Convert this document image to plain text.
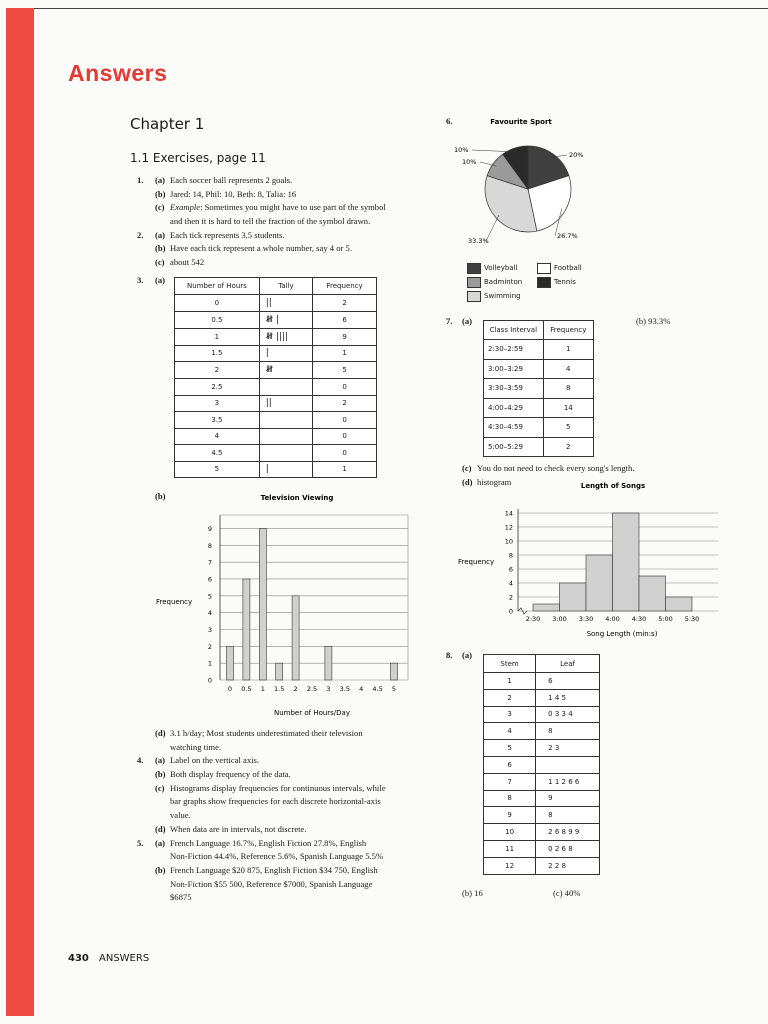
Answers
Chapter 1
1.1 Exercises, page 11
1. (a) Each soccer ball represents 2 goals.
(b) Jared: 14, Phil: 10, Beth: 8, Talia: 16
(c) Example: Sometimes you might have to use part of the symbol
and then it is hard to tell the fraction of the symbol drawn.
2. (a) Each tick represents 3.5 students.
(b) Have each tick represent a whole number, say 4 or 5.
(c) about 542
3. (a)
Number of Hours	Tally	Frequency
0	||	2
0.5	𝍸 |	6
1	𝍸 ||||	9
1.5	|	1
2	𝍸	5
2.5		0
3	||	2
3.5		0
4		0
4.5		0
5	|	1
(b)	Television Viewing
0
1
2
3
4
5
6
7
8
9
0 0.5 1 1.5 2 2.5 3 3.5 4 4.5 5
Frequency
Number of Hours/Day
(d) 3.1 h/day; Most students underestimated their television
watching time.
4. (a) Label on the vertical axis.
(b) Both display frequency of the data.
(c) Histograms display frequencies for continuous intervals, while
bar graphs show frequencies for each discrete horizontal-axis
value.
(d) When data are in intervals, not discrete.
5. (a) French Language 16.7%, English Fiction 27.8%, English
Non-Fiction 44.4%, Reference 5.6%, Spanish Language 5.5%
(b) French Language $20 875, English Fiction $34 750, English
Non-Fiction $55 500, Reference $7000, Spanish Language
$6875
6.	Favourite Sport
20%
26.7%
33.3%
10%
10%
Volleyball	Football
Badminton	Tennis
Swimming
7. (a)	(b) 93.3%
Class Interval	Frequency
2:30–2:59	1
3:00–3:29	4
3:30–3:59	8
4:00–4:29	14
4:30–4:59	5
5:00–5:29	2
(c) You do not need to check every song's length.
(d) histogram	Length of Songs
0
2
4
6
8
10
12
14
2:30 3:00 3:30 4:00 4:30 5:00 5:30
Frequency
Song Length (min:s)
8. (a)
Stem	Leaf
1	6
2	1 4 5
3	0 3 3 4
4	8
5	2 3
6	
7	1 1 2 6 6
8	9
9	8
10	2 6 8 9 9
11	0 2 6 8
12	2 2 8
(b) 16	(c) 40%
430 ANSWERS
